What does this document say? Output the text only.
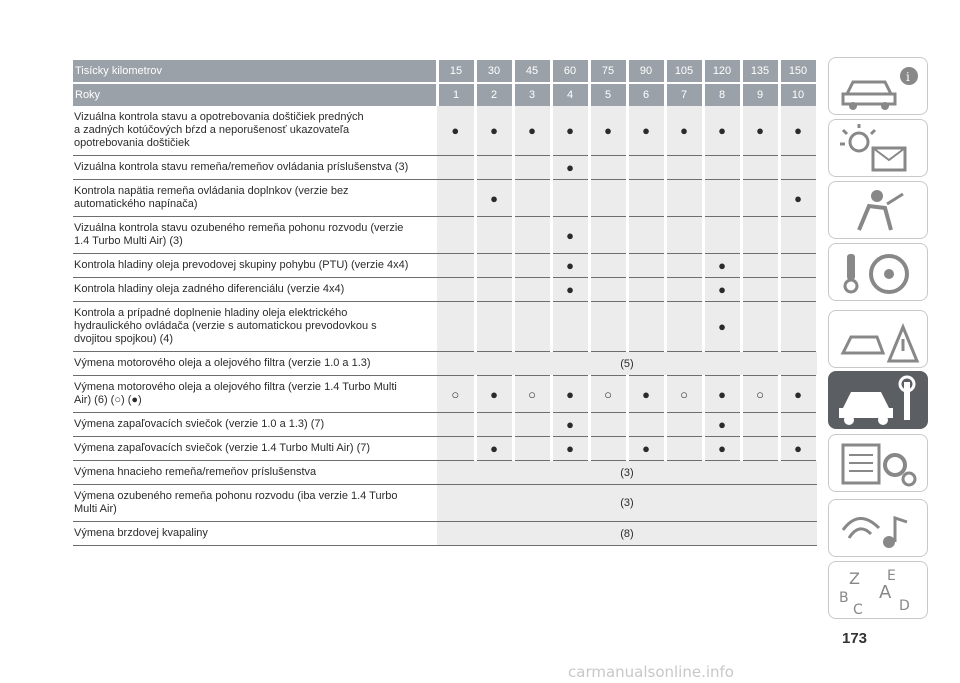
Tisícky kilometrov	15	30	45	60	75	90	105	120	135	150
Roky	1	2	3	4	5	6	7	8	9	10
Vizuálna kontrola stavu a opotrebovania doštičiek predných
a zadných kotúčových bŕzd a neporušenosť ukazovateľa
opotrebovania doštičiek	●	●	●	●	●	●	●	●	●	●
Vizuálna kontrola stavu remeňa/remeňov ovládania príslušenstva (3)				●						
Kontrola napätia remeňa ovládania doplnkov (verzie bez
automatického napínača)		●								●
Vizuálna kontrola stavu ozubeného remeňa pohonu rozvodu (verzie
1.4 Turbo Multi Air) (3)				●						
Kontrola hladiny oleja prevodovej skupiny pohybu (PTU) (verzie 4x4)				●				●		
Kontrola hladiny oleja zadného diferenciálu (verzie 4x4)				●				●		
Kontrola a prípadné doplnenie hladiny oleja elektrického
hydraulického ovládača (verzie s automatickou prevodovkou s
dvojitou spojkou) (4)								●		
Výmena motorového oleja a olejového filtra (verzie 1.0 a 1.3)	(5)									
Výmena motorového oleja a olejového filtra (verzie 1.4 Turbo Multi
Air) (6) (○) (●)	○	●	○	●	○	●	○	●	○	●
Výmena zapaľovacích sviečok (verzie 1.0 a 1.3) (7)				●				●		
Výmena zapaľovacích sviečok (verzie 1.4 Turbo Multi Air) (7)		●		●		●		●		●
Výmena hnacieho remeňa/remeňov príslušenstva	(3)									
Výmena ozubeného remeňa pohonu rozvodu (iba verzie 1.4 Turbo
Multi Air)	(3)									
Výmena brzdovej kvapaliny	(8)									
i
Z E
B A
C	D
173
carmanualsonline.info
